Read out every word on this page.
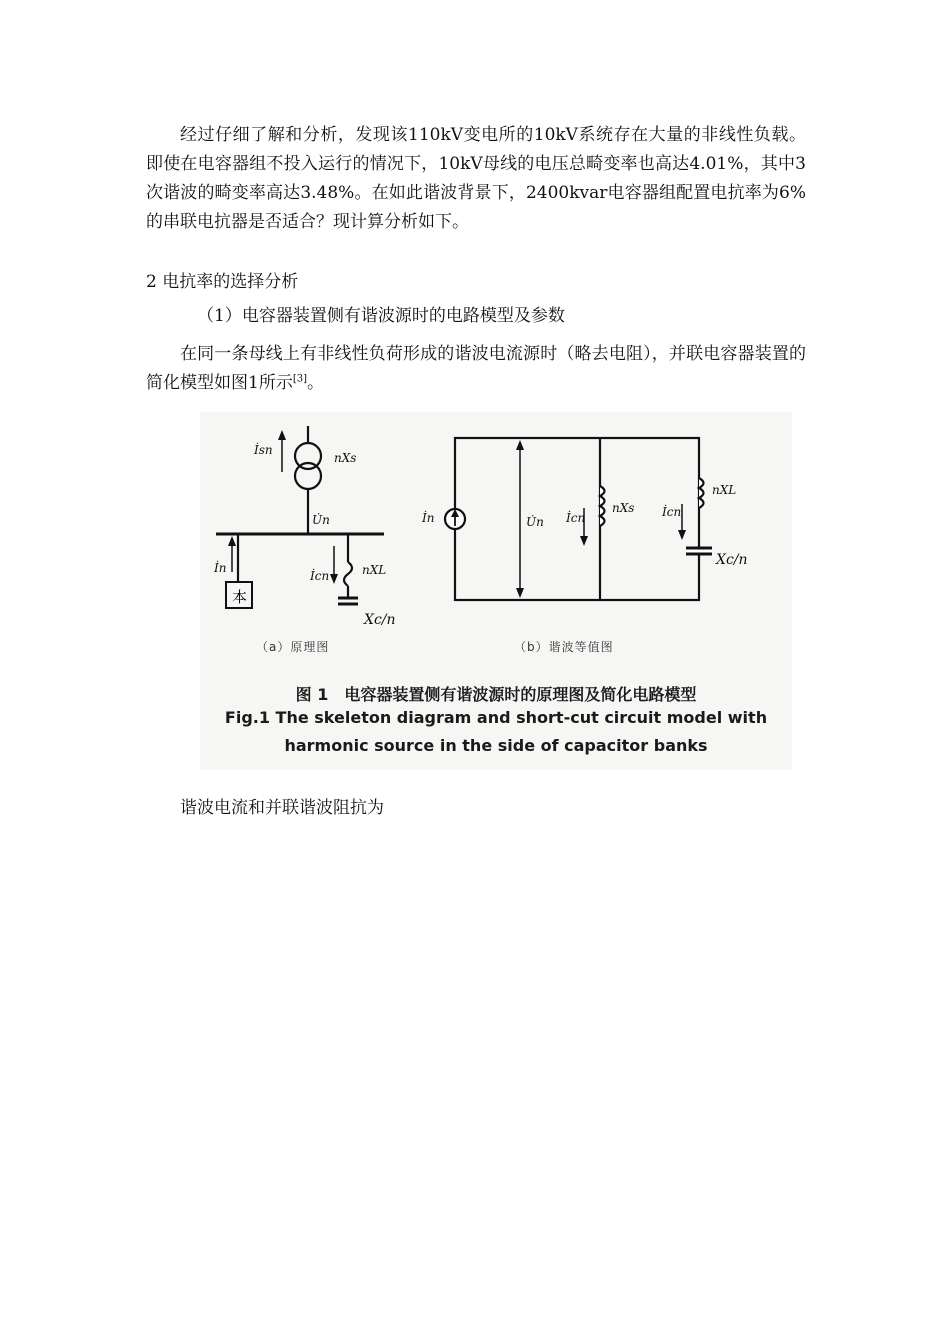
经过仔细了解和分析，发现该110kV变电所的10kV系统存在大量的非线性负载。即使在电容器组不投入运行的情况下，10kV母线的电压总畸变率也高达4.01%，其中3次谐波的畸变率高达3.48%。在如此谐波背景下，2400kvar电容器组配置电抗率为6%的串联电抗器是否适合？现计算分析如下。

2 电抗率的选择分析

（1）电容器装置侧有谐波源时的电路模型及参数

在同一条母线上有非线性负荷形成的谐波电流源时（略去电阻），并联电容器装置的简化模型如图1所示[3]。

İsn
nXs
U̇n
İn
İcn	nXL
Xc/n
本
İn	U̇n İcn
nXs İcn
nXL
Xc/n
（a）原理图	（b）谐波等值图
图 1　电容器装置侧有谐波源时的原理图及简化电路模型
Fig.1 The skeleton diagram and short-cut circuit model with
harmonic source in the side of capacitor banks

谐波电流和并联谐波阻抗为
